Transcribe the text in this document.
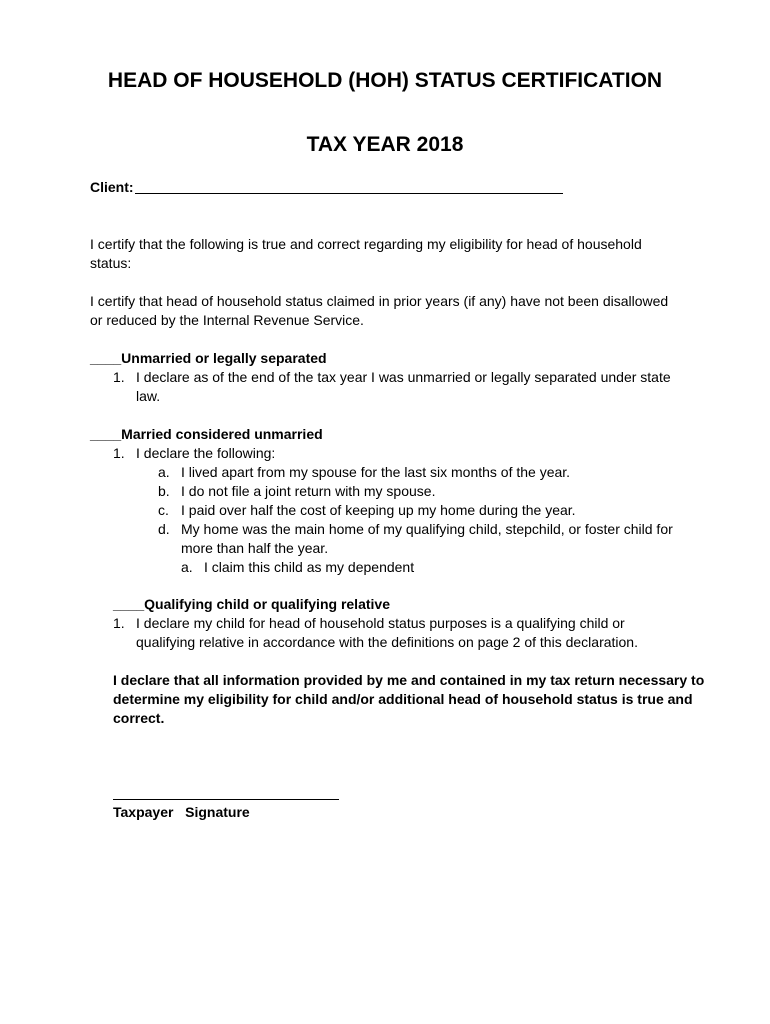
HEAD OF HOUSEHOLD (HOH) STATUS CERTIFICATION
TAX YEAR 2018
Client:
I certify that the following is true and correct regarding my eligibility for head of household
status:
I certify that head of household status claimed in prior years (if any) have not been disallowed
or reduced by the Internal Revenue Service.
____Unmarried or legally separated
1. I declare as of the end of the tax year I was unmarried or legally separated under state
law.
____Married considered unmarried
1. I declare the following:
a. I lived apart from my spouse for the last six months of the year.
b. I do not file a joint return with my spouse.
c. I paid over half the cost of keeping up my home during the year.
d. My home was the main home of my qualifying child, stepchild, or foster child for
more than half the year.
a. I claim this child as my dependent
____Qualifying child or qualifying relative
1. I declare my child for head of household status purposes is a qualifying child or
qualifying relative in accordance with the definitions on page 2 of this declaration.
I declare that all information provided by me and contained in my tax return necessary to
determine my eligibility for child and/or additional head of household status is true and
correct.
Taxpayer   Signature
